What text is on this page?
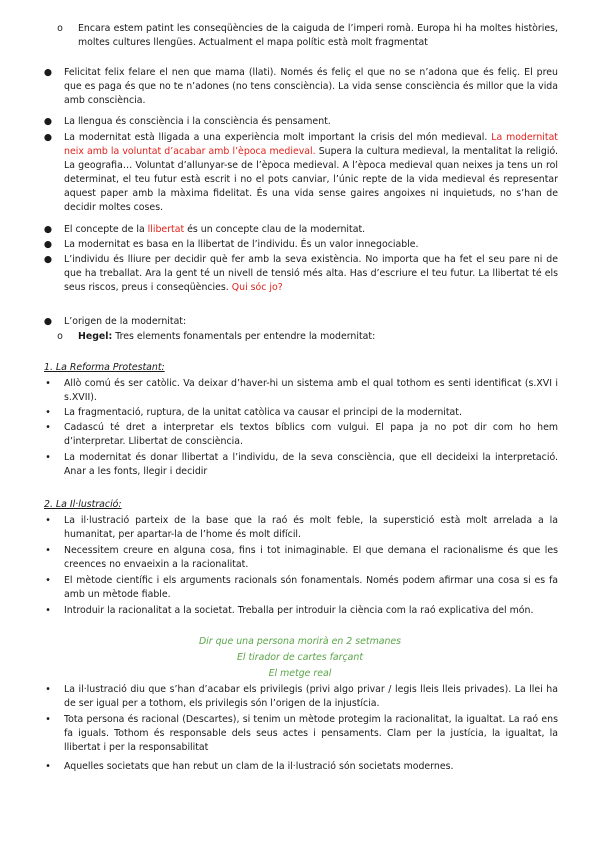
o	Encara estem patint les conseqüències de la caiguda de l’imperi romà. Europa hi ha moltes històries, moltes cultures llengües. Actualment el mapa polític està molt fragmentat
● Felicitat felix felare el nen que mama (llati). Només és feliç el que no se n’adona que és feliç. El preu que es paga és que no te n’adones (no tens consciència). La vida sense consciència és millor que la vida amb consciència.
● La llengua és consciència i la consciència és pensament.
● La modernitat està lligada a una experiència molt important la crisis del món medieval. La modernitat neix amb la voluntat d’acabar amb l’època medieval. Supera la cultura medieval, la mentalitat la religió. La geografia… Voluntat d’allunyar-se de l’època medieval. A l’època medieval quan neixes ja tens un rol determinat, el teu futur està escrit i no el pots canviar, l’únic repte de la vida medieval és representar aquest paper amb la màxima fidelitat. És una vida sense gaires angoixes ni inquietuds, no s’han de decidir moltes coses.
● El concepte de la llibertat és un concepte clau de la modernitat.
● La modernitat es basa en la llibertat de l’individu. És un valor innegociable.
● L’individu és lliure per decidir què fer amb la seva existència. No importa que ha fet el seu pare ni de que ha treballat. Ara la gent té un nivell de tensió més alta. Has d’escriure el teu futur. La llibertat té els seus riscos, preus i conseqüències. Qui sóc jo?
● L’origen de la modernitat:
o	Hegel: Tres elements fonamentals per entendre la modernitat:
1. La Reforma Protestant:
•	Allò comú és ser catòlic. Va deixar d’haver-hi un sistema amb el qual tothom es senti identificat (s.XVI i s.XVII).
•	La fragmentació, ruptura, de la unitat catòlica va causar el principi de la modernitat.
•	Cadascú té dret a interpretar els textos bíblics com vulgui. El papa ja no pot dir com ho hem d’interpretar. Llibertat de consciència.
•	La modernitat és donar llibertat a l’individu, de la seva consciència, que ell decideixi la interpretació. Anar a les fonts, llegir i decidir
2. La Il·lustració:
•	La il·lustració parteix de la base que la raó és molt feble, la superstició està molt arrelada a la humanitat, per apartar-la de l’home és molt difícil.
•	Necessitem creure en alguna cosa, fins i tot inimaginable. El que demana el racionalisme és que les creences no envaeixin a la racionalitat.
•	El mètode científic i els arguments racionals són fonamentals. Només podem afirmar una cosa si es fa amb un mètode fiable.
•	Introduir la racionalitat a la societat. Treballa per introduir la ciència com la raó explicativa del món.
Dir que una persona morirà en 2 setmanes
El tirador de cartes farçant
El metge real
•	La il·lustració diu que s’han d’acabar els privilegis (privi algo privar / legis lleis lleis privades). La llei ha de ser igual per a tothom, els privilegis són l’origen de la injustícia.
•	Tota persona és racional (Descartes), si tenim un mètode protegim la racionalitat, la igualtat. La raó ens fa iguals. Tothom és responsable dels seus actes i pensaments. Clam per la justícia, la igualtat, la llibertat i per la responsabilitat
•	Aquelles societats que han rebut un clam de la il·lustració són societats modernes.
